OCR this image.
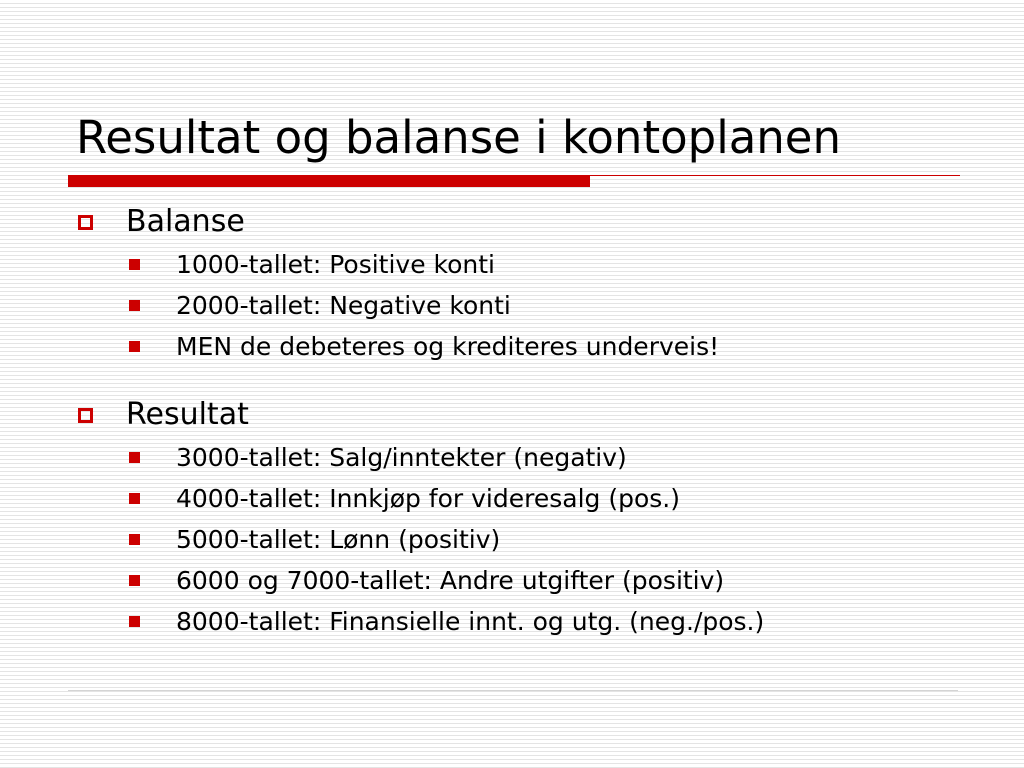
Resultat og balanse i kontoplanen
Balanse
1000-tallet: Positive konti
2000-tallet: Negative konti
MEN de debeteres og krediteres underveis!
Resultat
3000-tallet: Salg/inntekter (negativ)
4000-tallet: Innkjøp for videresalg (pos.)
5000-tallet: Lønn (positiv)
6000 og 7000-tallet: Andre utgifter (positiv)
8000-tallet: Finansielle innt. og utg. (neg./pos.)
